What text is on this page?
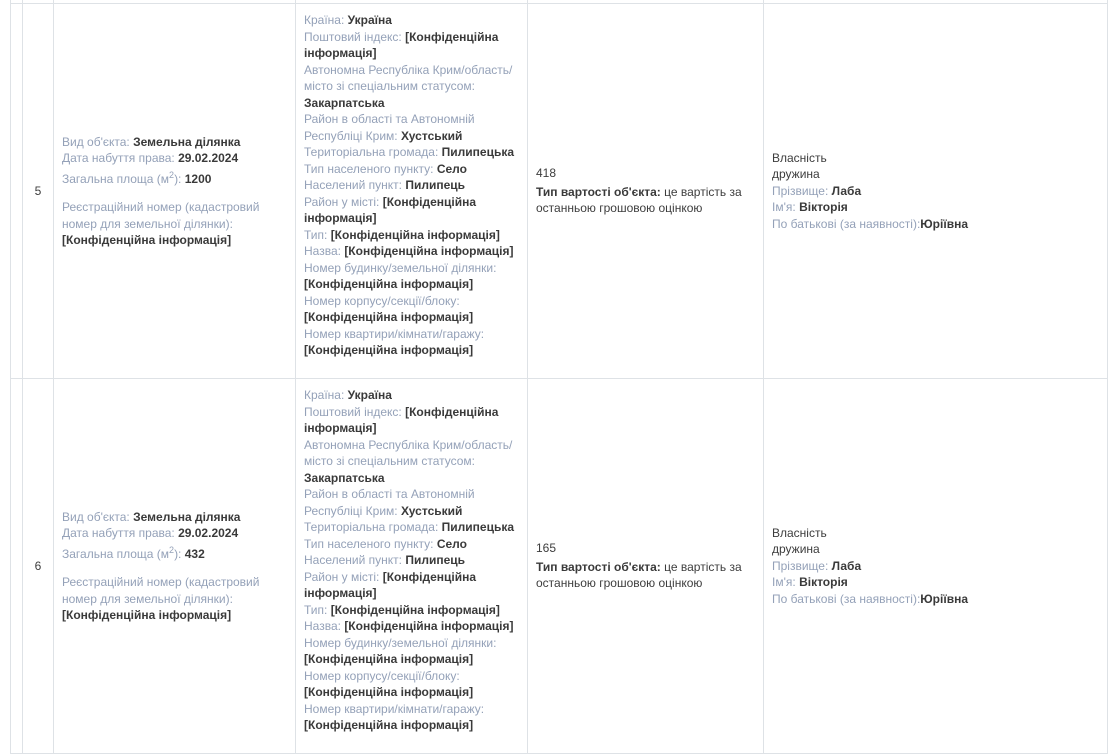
	5	
Вид об'єкта: Земельна ділянка
Дата набуття права: 29.02.2024
Загальна площа $(м^2)$: 1200
Реєстраційний номер (кадастровий номер для земельної ділянки): [Конфіденційна інформація]

Країна: Україна
Поштовий індекс: [Конфіденційна інформація]
Автономна Республіка Крим/область/місто зі спеціальним статусом: Закарпатська
Район в області та Автономній Республіці Крим: Хустський
Територіальна громада: Пилипецька
Тип населеного пункту: Село
Населений пункт: Пилипець
Район у місті: [Конфіденційна інформація]
Тип: [Конфіденційна інформація]
Назва: [Конфіденційна інформація]
Номер будинку/земельної ділянки: [Конфіденційна інформація]
Номер корпусу/секції/блоку: [Конфіденційна інформація]
Номер квартири/кімнати/гаражу: [Конфіденційна інформація]

418
Тип вартості об'єкта: це вартість за останньою грошовою оцінкою

Власність
дружина
Прізвище: Лаба
Ім'я: Вікторія
По батькові (за наявності):Юріївна

	6	
Вид об'єкта: Земельна ділянка
Дата набуття права: 29.02.2024
Загальна площа $(м^2)$: 432
Реєстраційний номер (кадастровий номер для земельної ділянки): [Конфіденційна інформація]

Країна: Україна
Поштовий індекс: [Конфіденційна інформація]
Автономна Республіка Крим/область/місто зі спеціальним статусом: Закарпатська
Район в області та Автономній Республіці Крим: Хустський
Територіальна громада: Пилипецька
Тип населеного пункту: Село
Населений пункт: Пилипець
Район у місті: [Конфіденційна інформація]
Тип: [Конфіденційна інформація]
Назва: [Конфіденційна інформація]
Номер будинку/земельної ділянки: [Конфіденційна інформація]
Номер корпусу/секції/блоку: [Конфіденційна інформація]
Номер квартири/кімнати/гаражу: [Конфіденційна інформація]

165
Тип вартості об'єкта: це вартість за останньою грошовою оцінкою

Власність
дружина
Прізвище: Лаба
Ім'я: Вікторія
По батькові (за наявності):Юріївна
